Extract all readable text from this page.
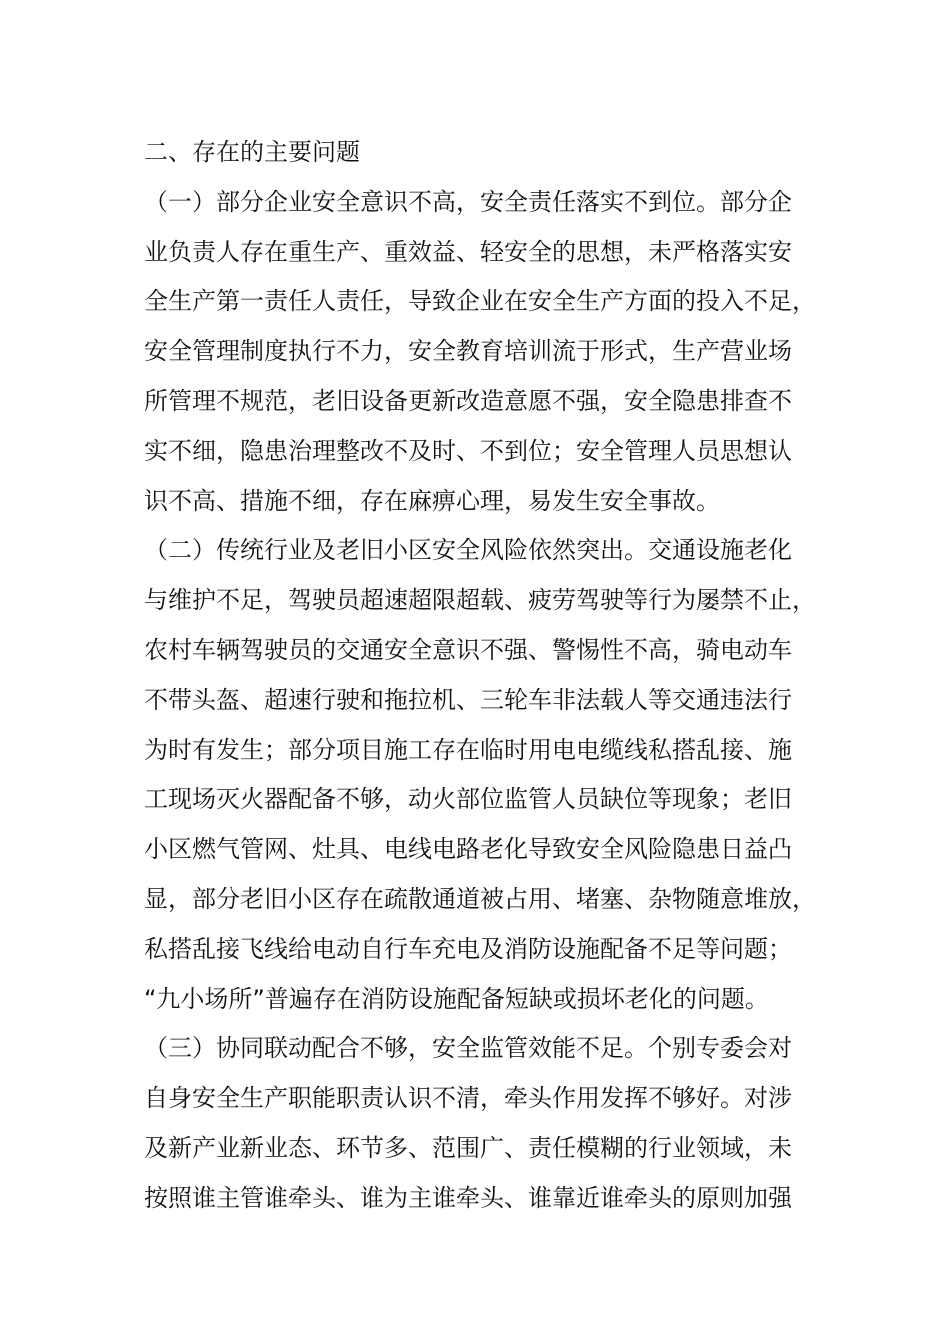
二、存在的主要问题
（一）部分企业安全意识不高，安全责任落实不到位。部分企
业负责人存在重生产、重效益、轻安全的思想，未严格落实安
全生产第一责任人责任，导致企业在安全生产方面的投入不足，
安全管理制度执行不力，安全教育培训流于形式，生产营业场
所管理不规范，老旧设备更新改造意愿不强，安全隐患排查不
实不细，隐患治理整改不及时、不到位；安全管理人员思想认
识不高、措施不细，存在麻痹心理，易发生安全事故。
（二）传统行业及老旧小区安全风险依然突出。交通设施老化
与维护不足，驾驶员超速超限超载、疲劳驾驶等行为屡禁不止，
农村车辆驾驶员的交通安全意识不强、警惕性不高，骑电动车
不带头盔、超速行驶和拖拉机、三轮车非法载人等交通违法行
为时有发生；部分项目施工存在临时用电电缆线私搭乱接、施
工现场灭火器配备不够，动火部位监管人员缺位等现象；老旧
小区燃气管网、灶具、电线电路老化导致安全风险隐患日益凸
显，部分老旧小区存在疏散通道被占用、堵塞、杂物随意堆放，
私搭乱接飞线给电动自行车充电及消防设施配备不足等问题；
“九小场所”普遍存在消防设施配备短缺或损坏老化的问题。
（三）协同联动配合不够，安全监管效能不足。个别专委会对
自身安全生产职能职责认识不清，牵头作用发挥不够好。对涉
及新产业新业态、环节多、范围广、责任模糊的行业领域，未
按照谁主管谁牵头、谁为主谁牵头、谁靠近谁牵头的原则加强
